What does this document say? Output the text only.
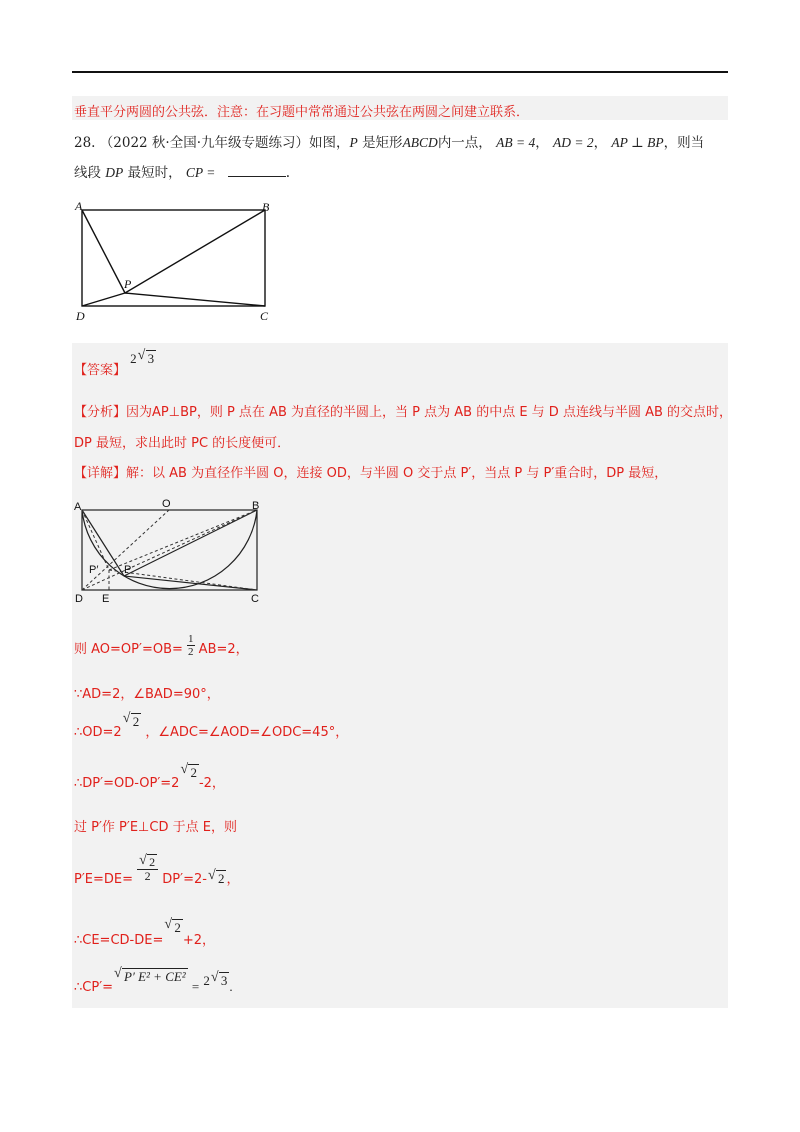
垂直平分两圆的公共弦．注意：在习题中常常通过公共弦在两圆之间建立联系．
28. （2022 秋·全国·九年级专题练习）如图，P 是矩形ABCD内一点， AB = 4， AD = 2， AP ⊥ BP，则当
线段 DP 最短时， CP =	.
A	B
D	C
P
【答案】 2 √ 3
【分析】因为AP⊥BP，则 P 点在 AB 为直径的半圆上，当 P 点为 AB 的中点 E 与 D 点连线与半圆 AB 的交点时，
DP 最短，求出此时 PC 的长度便可．
【详解】解：以 AB 为直径作半圆 O，连接 OD，与半圆 O 交于点 P′，当点 P 与 P′重合时，DP 最短，
A	O	B
P′ P
D E	C
则 $AO=OP'=OB= \frac{1}{2} AB=2$，
∵AD=2，∠BAD=90°，
∴OD=2
√ 2 ，∠ADC=∠AOD=∠ODC=45°，
∴DP′=OD-OP′=2
√ 2-2，
过 P′作 P′E⊥CD 于点 E，则
$P'E=DE= \frac{√ 2}{2} DP'=2-$ √ 2 ，
∴CE=CD-DE=
√ 2+2，
∴CP′=
√ P′ E² + CE² = 2 √ 3 .
